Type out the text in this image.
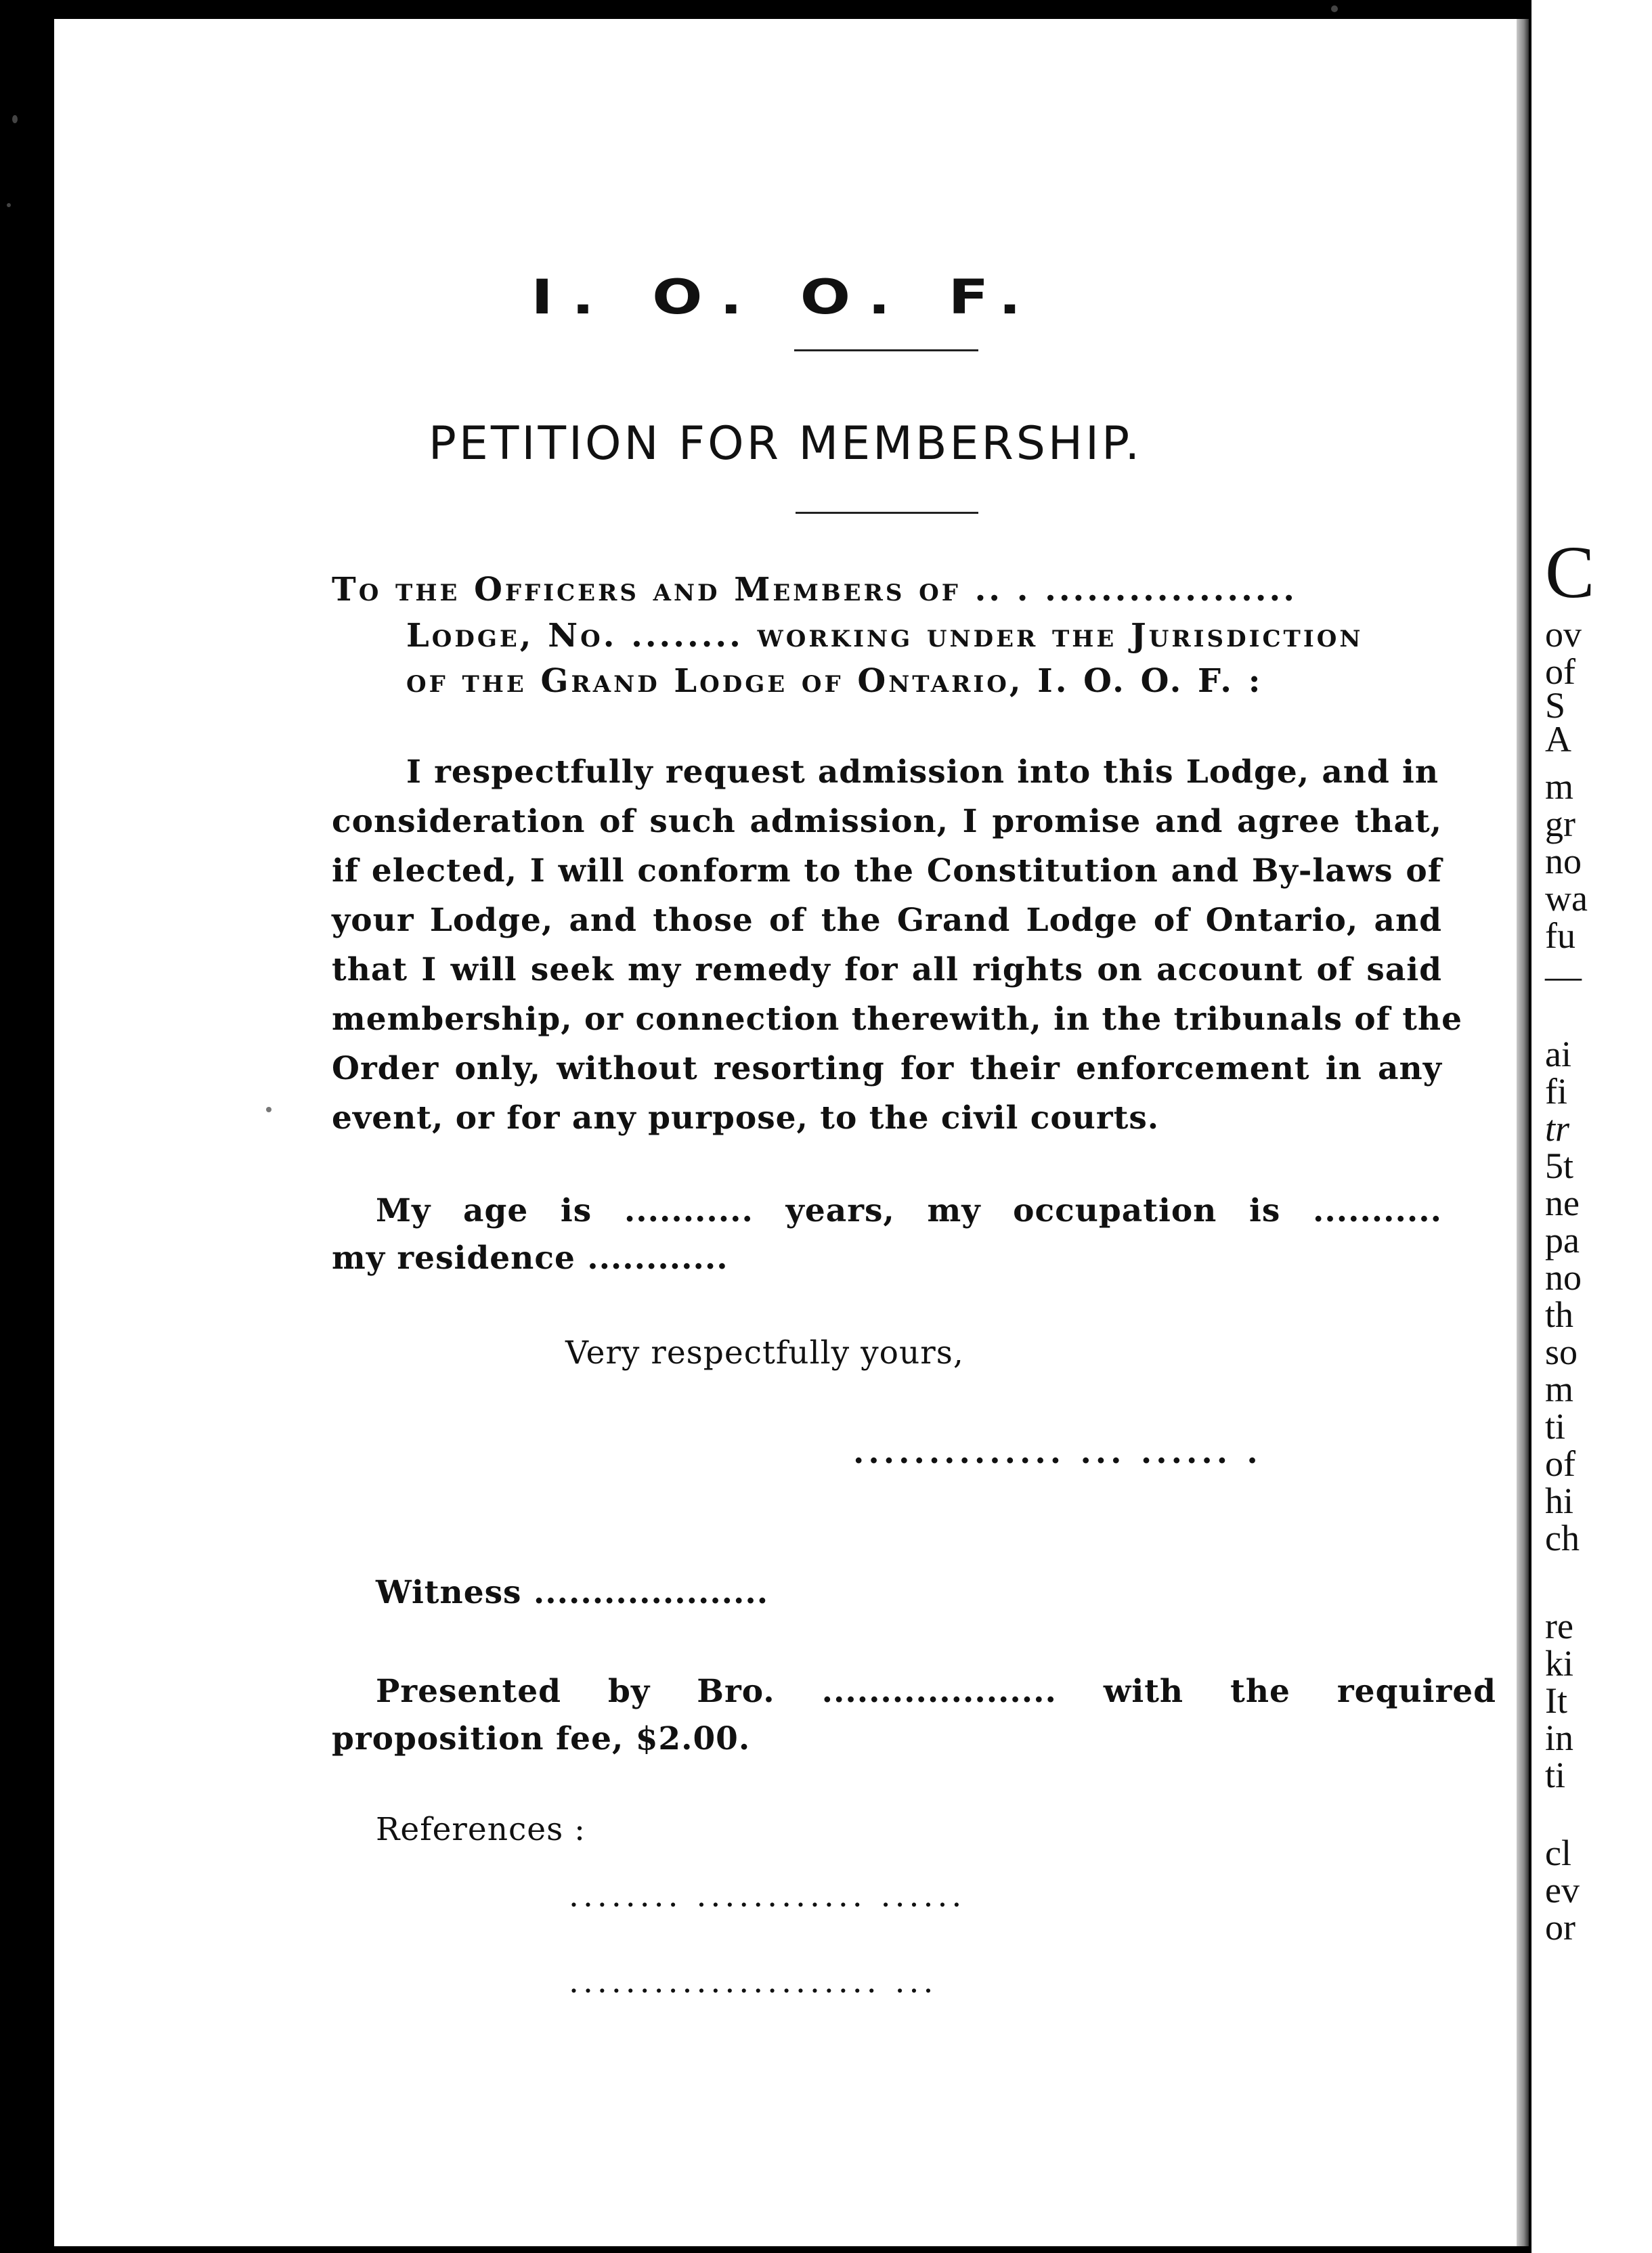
I. O. O. F.
PETITION FOR MEMBERSHIP.
To the Officers and Members of .. . ..................
Lodge, No. ........ working under the Jurisdiction
of the Grand Lodge of Ontario, I. O. O. F. :
I respectfully request admission into this Lodge, and in
consideration of such admission, I promise and agree that,
if elected, I will conform to the Constitution and By-laws of
your Lodge, and those of the Grand Lodge of Ontario, and
that I will seek my remedy for all rights on account of said
membership, or connection therewith, in the tribunals of the
Order only, without resorting for their enforcement in any
event, or for any purpose, to the civil courts.
My age is ........... years, my occupation is ...........
my residence ............
Very respectfully yours,
.............. ... ...... .
Witness ....................
Presented by Bro. .................... with the required
proposition fee, $2.00.
References :
........ ............ ......
...................... ...
C
ov
of
S
A
m
gr
no
wa
fu
—
ai
fi
tr
5t
ne
pa
no
th
so
m
ti
of
hi
ch
re
ki
It
in
ti
cl
ev
or
